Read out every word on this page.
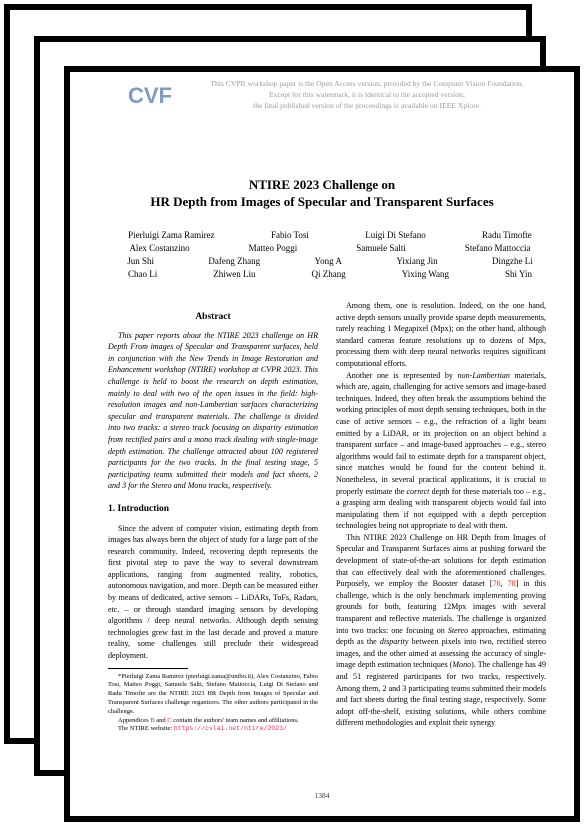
CVF	This CVPR workshop paper is the Open Access version, provided by the Computer Vision Foundation.
Except for this watermark, it is identical to the accepted version;
the final published version of the proceedings is available on IEEE Xplore.
NTIRE 2023 Challenge on
HR Depth from Images of Specular and Transparent Surfaces
Pierluigi Zama Ramirez	Fabio Tosi	Luigi Di Stefano	Radu Timofte
Alex Costanzino	Matteo Poggi	Samuele Salti	Stefano Mattoccia
Jun Shi	Dafeng Zhang	Yong A	Yixiang Jin	Dingzhe Li
Chao Li	Zhiwen Liu	Qi Zhang	Yixing Wang	Shi Yin
Abstract

This paper reports about the NTIRE 2023 challenge on HR Depth From images of Specular and Transparent surfaces, held in conjunction with the New Trends in Image Restoration and Enhancement workshop (NTIRE) workshop at CVPR 2023. This challenge is held to boost the research on depth estimation, mainly to deal with two of the open issues in the field: high-resolution images and non-Lambertian surfaces characterizing specular and transparent materials. The challenge is divided into two tracks: a stereo track focusing on disparity estimation from rectified pairs and a mono track dealing with single-image depth estimation. The challenge attracted about 100 registered participants for the two tracks. In the final testing stage, 5 participating teams submitted their models and fact sheets, 2 and 3 for the Stereo and Mono tracks, respectively.

1. Introduction

Since the advent of computer vision, estimating depth from images has always been the object of study for a large part of the research community. Indeed, recovering depth represents the first pivotal step to pave the way to several downstream applications, ranging from augmented reality, robotics, autonomous navigation, and more. Depth can be measured either by means of dedicated, active sensors – LiDARs, ToFs, Radars, etc. – or through standard imaging sensors by developing algorithms / deep neural networks. Although depth sensing technologies grew fast in the last decade and proved a mature reality, some challenges still preclude their widespread deployment.

*Pierluigi Zama Ramirez (pierluigi.zama@unibo.it), Alex Costanzino, Fabio Tosi, Matteo Poggi, Samuele Salti, Stefano Mattoccia, Luigi Di Stefano and Radu Timofte are the NTIRE 2023 HR Depth from Images of Specular and Transparent Surfaces challenge organizers. The other authors participated in the challenge.

Appendices B and C contain the authors' team names and affiliations.

The NTIRE website: https://cvlai.net/ntire/2023/

Among them, one is resolution. Indeed, on the one hand, active depth sensors usually provide sparse depth measurements, rarely reaching 1 Megapixel (Mpx); on the other hand, although standard cameras feature resolutions up to dozens of Mpx, processing them with deep neural networks requires significant computational efforts.

Another one is represented by non-Lambertian materials, which are, again, challenging for active sensors and image-based techniques. Indeed, they often break the assumptions behind the working principles of most depth sensing techniques, both in the case of active sensors – e.g., the refraction of a light beam emitted by a LiDAR, or its projection on an object behind a transparent surface – and image-based approaches – e.g., stereo algorithms would fail to estimate depth for a transparent object, since matches would be found for the content behind it. Nonetheless, in several practical applications, it is crucial to properly estimate the correct depth for these materials too – e.g., a grasping arm dealing with transparent objects would fail into manipulating them if not equipped with a depth perception technologies being not appropriate to deal with them.

This NTIRE 2023 Challenge on HR Depth from Images of Specular and Transparent Surfaces aims at pushing forward the development of state-of-the-art solutions for depth estimation that can effectively deal with the aforementioned challenges. Purposely, we employ the Booster dataset [76, 78] in this challenge, which is the only benchmark implementing proving grounds for both, featuring 12Mpx images with several transparent and reflective materials. The challenge is organized into two tracks: one focusing on Stereo approaches, estimating depth as the disparity between pixels into two, rectified stereo images, and the other aimed at assessing the accuracy of single-image depth estimation techniques (Mono). The challenge has 49 and 51 registered participants for two tracks, respectively. Among them, 2 and 3 participating teams submitted their models and fact sheets during the final testing stage, respectively. Some adopt off-the-shelf, existing solutions, while others combine different methodologies and exploit their synergy

1384
